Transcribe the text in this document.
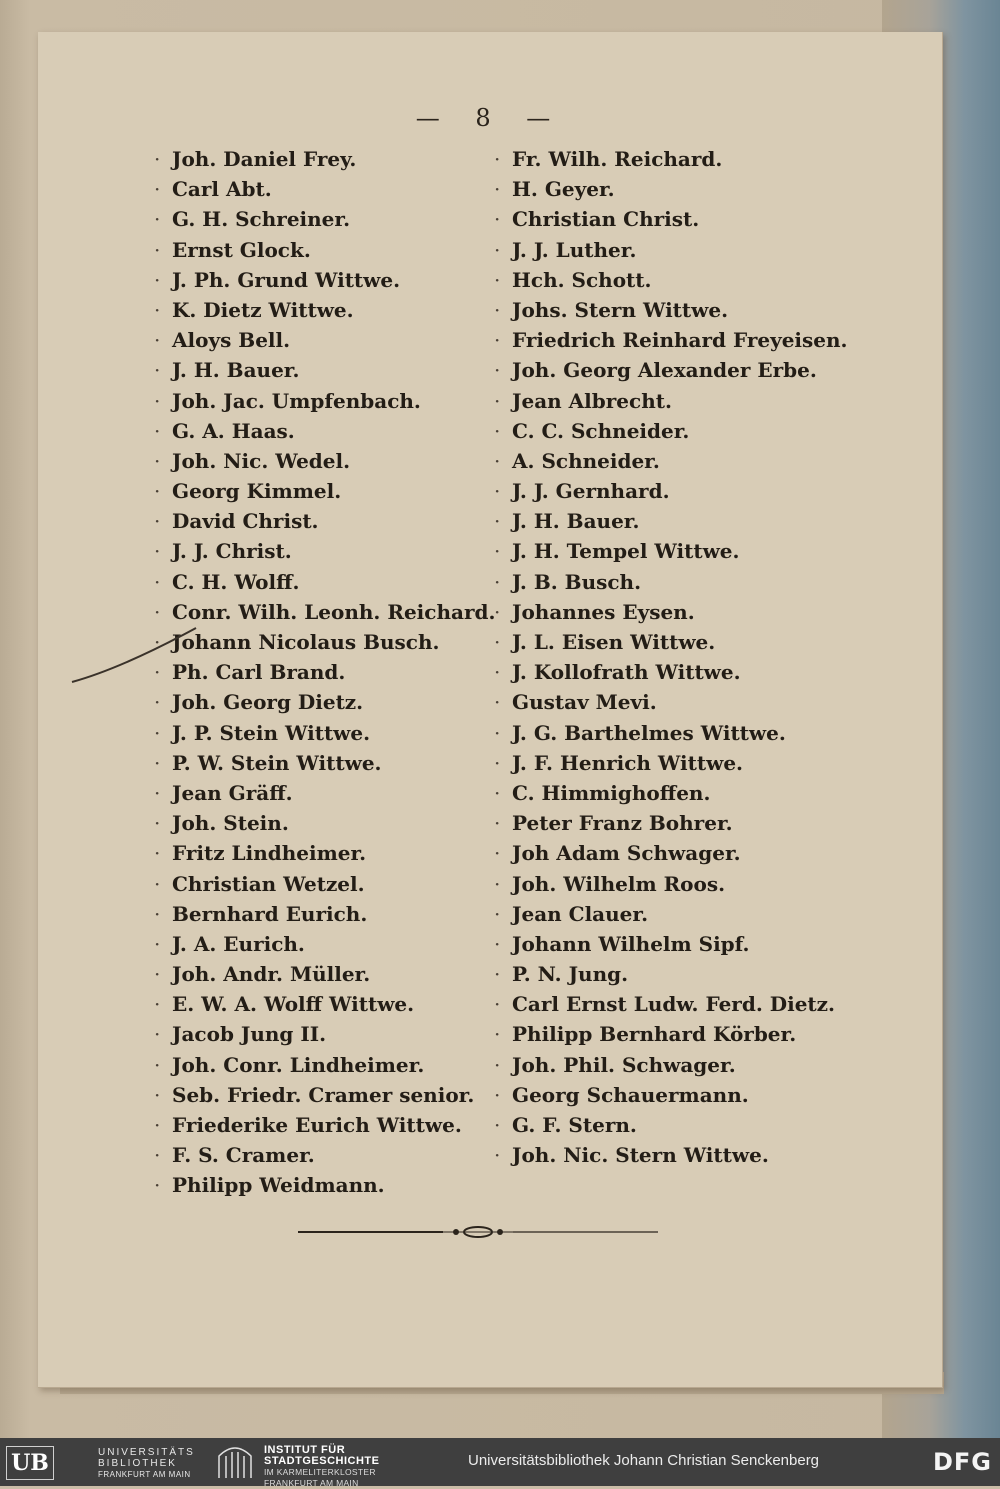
— 8 —
· Joh. Daniel Frey.
· Carl Abt.
· G. H. Schreiner.
· Ernst Glock.
· J. Ph. Grund Wittwe.
· K. Dietz Wittwe.
· Aloys Bell.
· J. H. Bauer.
· Joh. Jac. Umpfenbach.
· G. A. Haas.
· Joh. Nic. Wedel.
· Georg Kimmel.
· David Christ.
· J. J. Christ.
· C. H. Wolff.
· Conr. Wilh. Leonh. Reichard.
· Johann Nicolaus Busch.
· Ph. Carl Brand.
· Joh. Georg Dietz.
· J. P. Stein Wittwe.
· P. W. Stein Wittwe.
· Jean Gräff.
· Joh. Stein.
· Fritz Lindheimer.
· Christian Wetzel.
· Bernhard Eurich.
· J. A. Eurich.
· Joh. Andr. Müller.
· E. W. A. Wolff Wittwe.
· Jacob Jung II.
· Joh. Conr. Lindheimer.
· Seb. Friedr. Cramer senior.
· Friederike Eurich Wittwe.
· F. S. Cramer.
· Philipp Weidmann.
· Fr. Wilh. Reichard.
· H. Geyer.
· Christian Christ.
· J. J. Luther.
· Hch. Schott.
· Johs. Stern Wittwe.
· Friedrich Reinhard Freyeisen.
· Joh. Georg Alexander Erbe.
· Jean Albrecht.
· C. C. Schneider.
· A. Schneider.
· J. J. Gernhard.
· J. H. Bauer.
· J. H. Tempel Wittwe.
· J. B. Busch.
· Johannes Eysen.
· J. L. Eisen Wittwe.
· J. Kollofrath Wittwe.
· Gustav Mevi.
· J. G. Barthelmes Wittwe.
· J. F. Henrich Wittwe.
· C. Himmighoffen.
· Peter Franz Bohrer.
· Joh Adam Schwager.
· Joh. Wilhelm Roos.
· Jean Clauer.
· Johann Wilhelm Sipf.
· P. N. Jung.
· Carl Ernst Ludw. Ferd. Dietz.
· Philipp Bernhard Körber.
· Joh. Phil. Schwager.
· Georg Schauermann.
· G. F. Stern.
· Joh. Nic. Stern Wittwe.
UB	UNIVERSITÄTS
BIBLIOTHEK
FRANKFURT AM MAIN
INSTITUT FÜR
STADTGESCHICHTE
IM KARMELITERKLOSTER
FRANKFURT AM MAIN
Universitätsbibliothek Johann Christian Senckenberg	DFG
